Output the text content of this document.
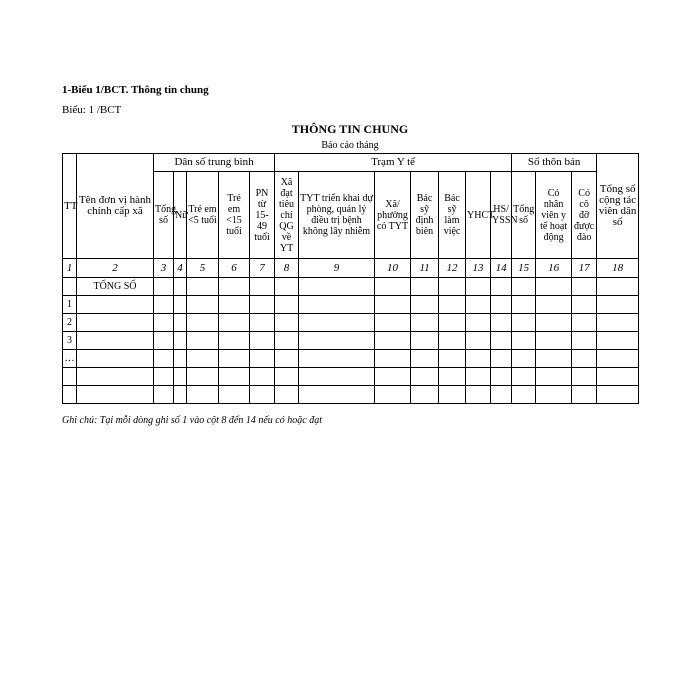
1-Biểu 1/BCT. Thông tin chung
Biểu: 1 /BCT
THÔNG TIN CHUNG
Báo cáo tháng
TT	Tên đơn vị hành chính cấp xã	Dân số trung bình					Trạm Y tế							Số thôn bản			Tổng số cộng tác viên dân số
		Tổng số	Nữ	Trẻ em <5 tuổi	Trẻ em <15 tuổi	PN từ 15-49 tuổi	Xã đạt tiêu chí QG về YT	TYT triển khai dự phòng, quản lý điều trị bệnh không lây nhiễm	Xã/ phường có TYT	Bác sỹ định biên	Bác sỹ làm việc	YHCT	HS/ YSSN	Tổng số	Có nhân viên y tế hoạt động	Có cô đỡ được đào	
1	2	3	4	5	6	7	8	9	10	11	12	13	14	15	16	17	18
	TỔNG SỐ																
1																	
2																	
3																	
…																	

Ghi chú: Tại mỗi dòng ghi số 1 vào cột 8 đến 14 nếu có hoặc đạt
